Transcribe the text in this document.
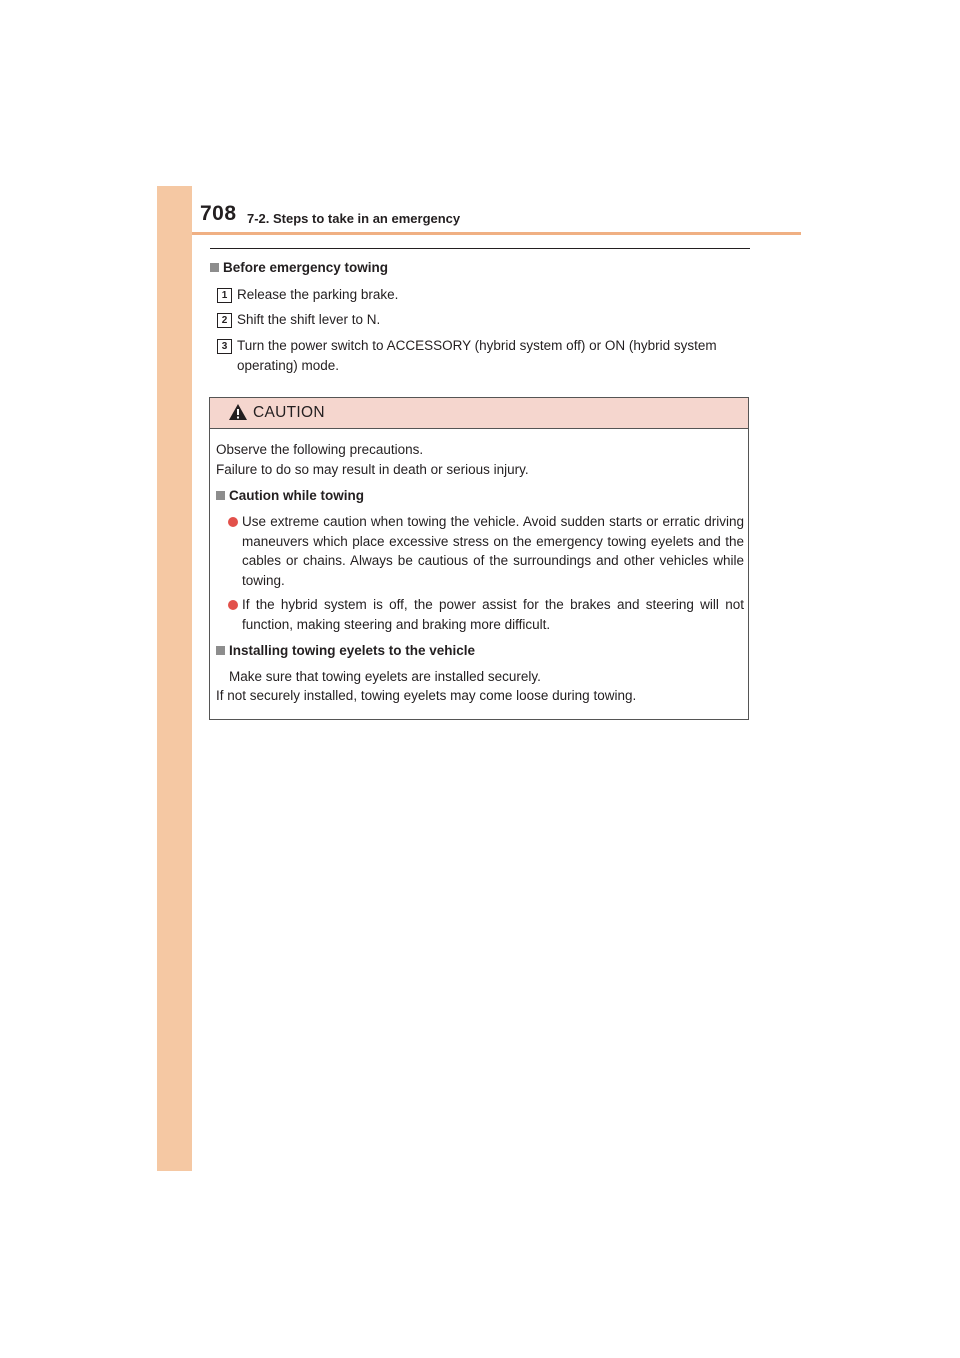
708 7-2. Steps to take in an emergency
Before emergency towing
1 Release the parking brake.
2 Shift the shift lever to N.
3 Turn the power switch to ACCESSORY (hybrid system off) or ON (hybrid system operating) mode.
CAUTION
Observe the following precautions.
Failure to do so may result in death or serious injury.
Caution while towing
Use extreme caution when towing the vehicle. Avoid sudden starts or erratic driving maneuvers which place excessive stress on the emergency towing eyelets and the cables or chains. Always be cautious of the surroundings and other vehicles while towing.
If the hybrid system is off, the power assist for the brakes and steering will not function, making steering and braking more difficult.
Installing towing eyelets to the vehicle
Make sure that towing eyelets are installed securely.
If not securely installed, towing eyelets may come loose during towing.
